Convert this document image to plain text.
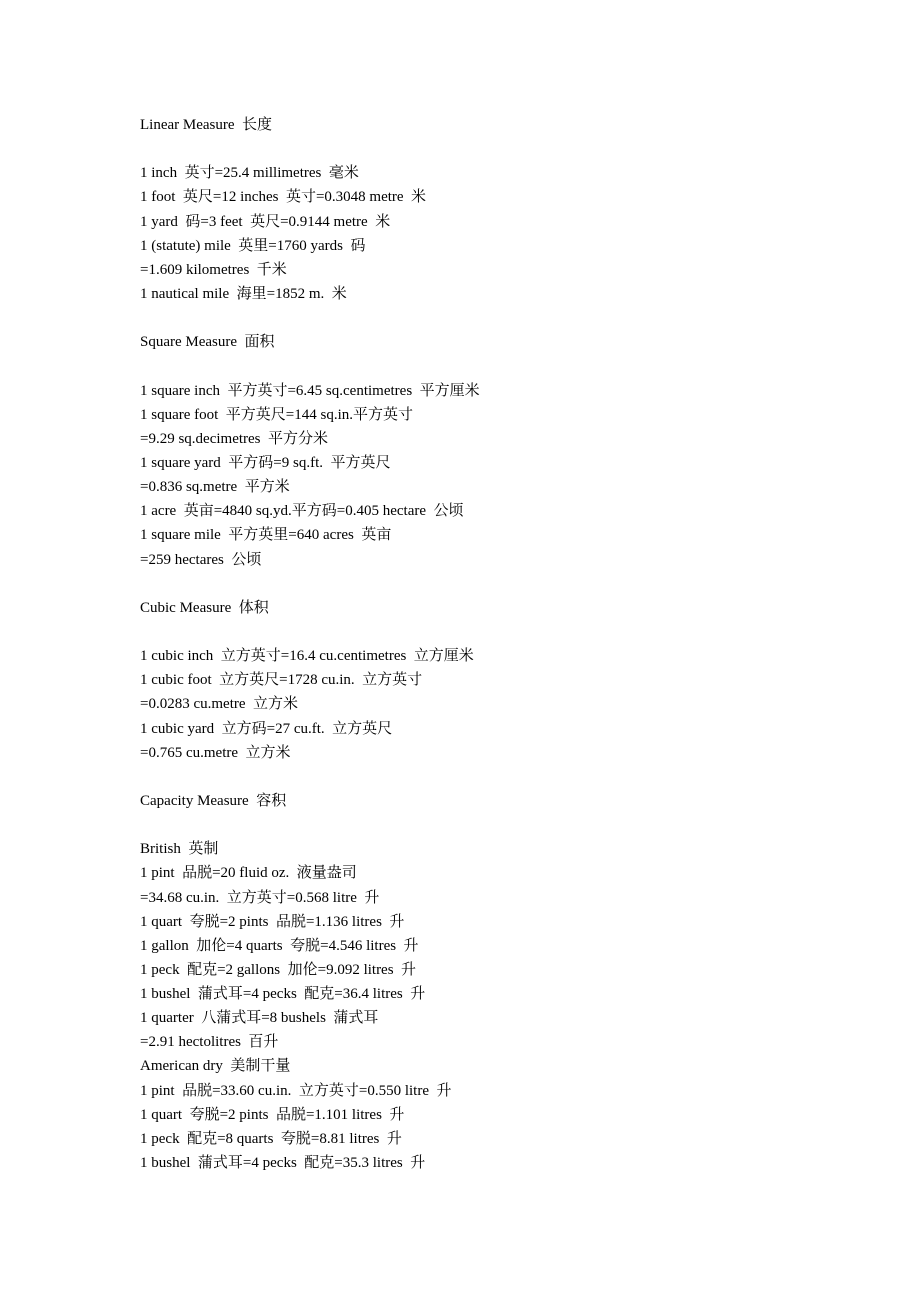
Linear Measure  长度
1 inch  英寸=25.4 millimetres  毫米
1 foot  英尺=12 inches  英寸=0.3048 metre  米
1 yard  码=3 feet  英尺=0.9144 metre  米
1 (statute) mile  英里=1760 yards  码
=1.609 kilometres  千米
1 nautical mile  海里=1852 m.  米
Square Measure  面积
1 square inch  平方英寸=6.45 sq.centimetres  平方厘米
1 square foot  平方英尺=144 sq.in.平方英寸
=9.29 sq.decimetres  平方分米
1 square yard  平方码=9 sq.ft.  平方英尺
=0.836 sq.metre  平方米
1 acre  英亩=4840 sq.yd.平方码=0.405 hectare  公顷
1 square mile  平方英里=640 acres  英亩
=259 hectares  公顷
Cubic Measure  体积
1 cubic inch  立方英寸=16.4 cu.centimetres  立方厘米
1 cubic foot  立方英尺=1728 cu.in.  立方英寸
=0.0283 cu.metre  立方米
1 cubic yard  立方码=27 cu.ft.  立方英尺
=0.765 cu.metre  立方米
Capacity Measure  容积
British  英制
1 pint  品脱=20 fluid oz.  液量盎司
=34.68 cu.in.  立方英寸=0.568 litre  升
1 quart  夸脱=2 pints  品脱=1.136 litres  升
1 gallon  加伦=4 quarts  夸脱=4.546 litres  升
1 peck  配克=2 gallons  加伦=9.092 litres  升
1 bushel  蒲式耳=4 pecks  配克=36.4 litres  升
1 quarter  八蒲式耳=8 bushels  蒲式耳
=2.91 hectolitres  百升
American dry  美制干量
1 pint  品脱=33.60 cu.in.  立方英寸=0.550 litre  升
1 quart  夸脱=2 pints  品脱=1.101 litres  升
1 peck  配克=8 quarts  夸脱=8.81 litres  升
1 bushel  蒲式耳=4 pecks  配克=35.3 litres  升
